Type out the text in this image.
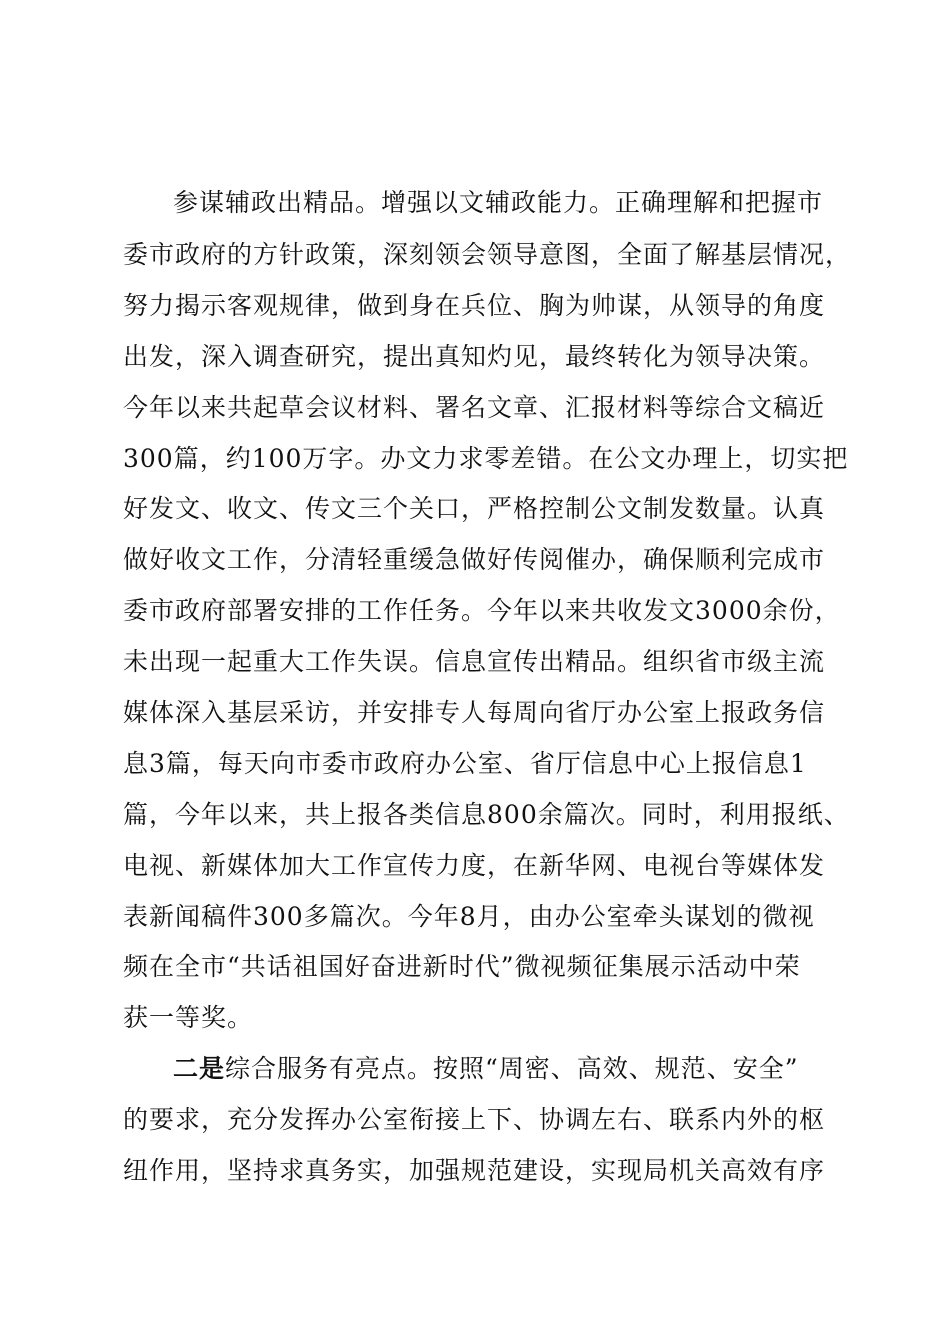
参谋辅政出精品。增强以文辅政能力。正确理解和把握市
委市政府的方针政策，深刻领会领导意图，全面了解基层情况，
努力揭示客观规律，做到身在兵位、胸为帅谋，从领导的角度
出发，深入调查研究，提出真知灼见，最终转化为领导决策。
今年以来共起草会议材料、署名文章、汇报材料等综合文稿近
300篇，约100万字。办文力求零差错。在公文办理上，切实把
好发文、收文、传文三个关口，严格控制公文制发数量。认真
做好收文工作，分清轻重缓急做好传阅催办，确保顺利完成市
委市政府部署安排的工作任务。今年以来共收发文3000余份，
未出现一起重大工作失误。信息宣传出精品。组织省市级主流
媒体深入基层采访，并安排专人每周向省厅办公室上报政务信
息3篇，每天向市委市政府办公室、省厅信息中心上报信息1
篇，今年以来，共上报各类信息800余篇次。同时，利用报纸、
电视、新媒体加大工作宣传力度，在新华网、电视台等媒体发
表新闻稿件300多篇次。今年8月，由办公室牵头谋划的微视
频在全市“共话祖国好奋进新时代”微视频征集展示活动中荣
获一等奖。
二是综合服务有亮点。按照“周密、高效、规范、安全”
的要求，充分发挥办公室衔接上下、协调左右、联系内外的枢
纽作用，坚持求真务实，加强规范建设，实现局机关高效有序
